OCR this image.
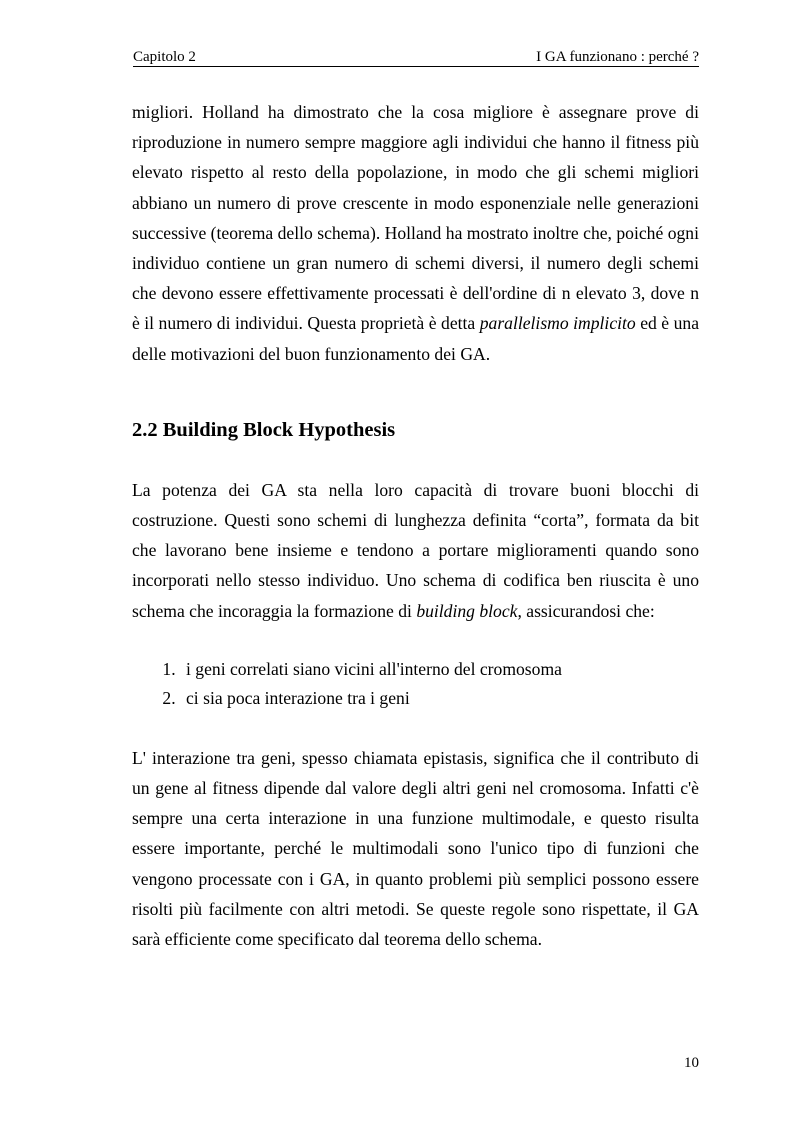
Capitolo 2	I GA funzionano : perché ?

migliori. Holland ha dimostrato che la cosa migliore è assegnare prove di riproduzione in numero sempre maggiore agli individui che hanno il fitness più elevato rispetto al resto della popolazione, in modo che gli schemi migliori abbiano un numero di prove crescente in modo esponenziale nelle generazioni successive (teorema dello schema). Holland ha mostrato inoltre che, poiché ogni individuo contiene un gran numero di schemi diversi, il numero degli schemi che devono essere effettivamente processati è dell'ordine di n elevato 3, dove n è il numero di individui. Questa proprietà è detta parallelismo implicito ed è una delle motivazioni del buon funzionamento dei GA.

2.2 Building Block Hypothesis

La potenza dei GA sta nella loro capacità di trovare buoni blocchi di costruzione. Questi sono schemi di lunghezza definita “corta”, formata da bit che lavorano bene insieme e tendono a portare miglioramenti quando sono incorporati nello stesso individuo. Uno schema di codifica ben riuscita è uno schema che incoraggia la formazione di building block, assicurandosi che:

1. i geni correlati siano vicini all'interno del cromosoma
2. ci sia poca interazione tra i geni

L' interazione tra geni, spesso chiamata epistasis, significa che il contributo di un gene al fitness dipende dal valore degli altri geni nel cromosoma. Infatti c'è sempre una certa interazione in una funzione multimodale, e questo risulta essere importante, perché le multimodali sono l'unico tipo di funzioni che vengono processate con i GA, in quanto problemi più semplici possono essere risolti più facilmente con altri metodi. Se queste regole sono rispettate, il GA sarà efficiente come specificato dal teorema dello schema.

10
